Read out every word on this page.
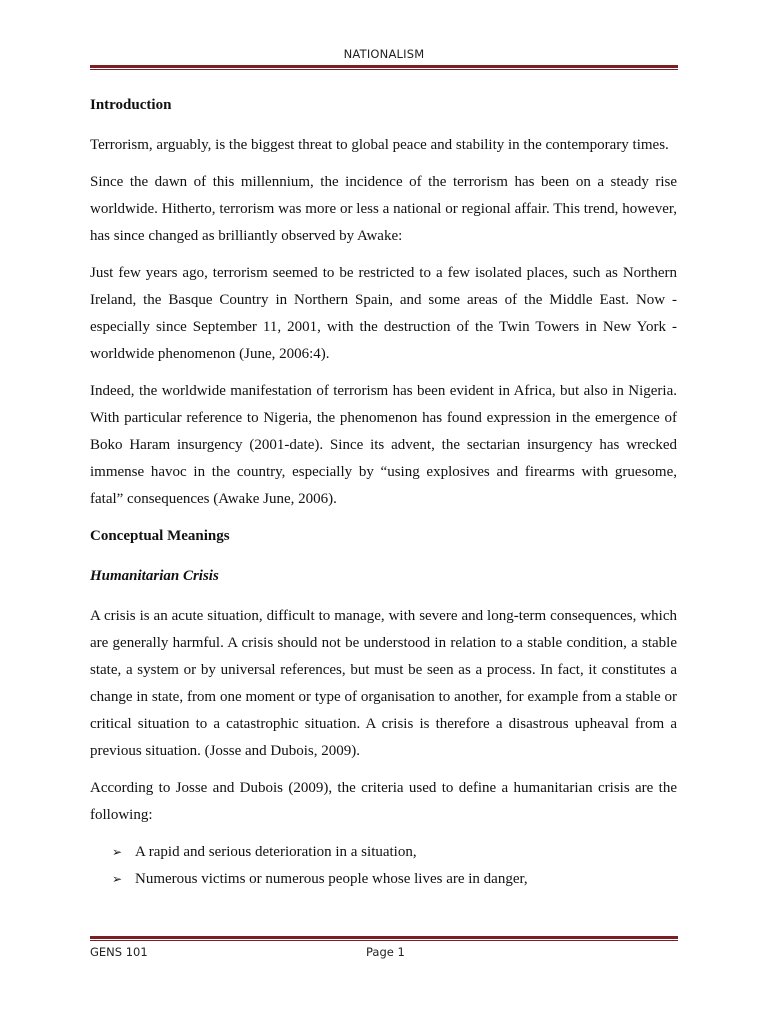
NATIONALISM
Introduction

Terrorism, arguably, is the biggest threat to global peace and stability in the contemporary times.

Since the dawn of this millennium, the incidence of the terrorism has been on a steady rise worldwide. Hitherto, terrorism was more or less a national or regional affair. This trend, however, has since changed as brilliantly observed by Awake:

Just few years ago, terrorism seemed to be restricted to a few isolated places, such as Northern Ireland, the Basque Country in Northern Spain, and some areas of the Middle East. Now - especially since September 11, 2001, with the destruction of the Twin Towers in New York - worldwide phenomenon (June, 2006:4).

Indeed, the worldwide manifestation of terrorism has been evident in Africa, but also in Nigeria. With particular reference to Nigeria, the phenomenon has found expression in the emergence of Boko Haram insurgency (2001-date). Since its advent, the sectarian insurgency has wrecked immense havoc in the country, especially by “using explosives and firearms with gruesome, fatal” consequences (Awake June, 2006).

Conceptual Meanings
Humanitarian Crisis

A crisis is an acute situation, difficult to manage, with severe and long-term consequences, which are generally harmful. A crisis should not be understood in relation to a stable condition, a stable state, a system or by universal references, but must be seen as a process. In fact, it constitutes a change in state, from one moment or type of organisation to another, for example from a stable or critical situation to a catastrophic situation. A crisis is therefore a disastrous upheaval from a previous situation. (Josse and Dubois, 2009).

According to Josse and Dubois (2009), the criteria used to define a humanitarian crisis are the following:

➢ A rapid and serious deterioration in a situation,
➢ Numerous victims or numerous people whose lives are in danger,
GENS 101	Page 1
